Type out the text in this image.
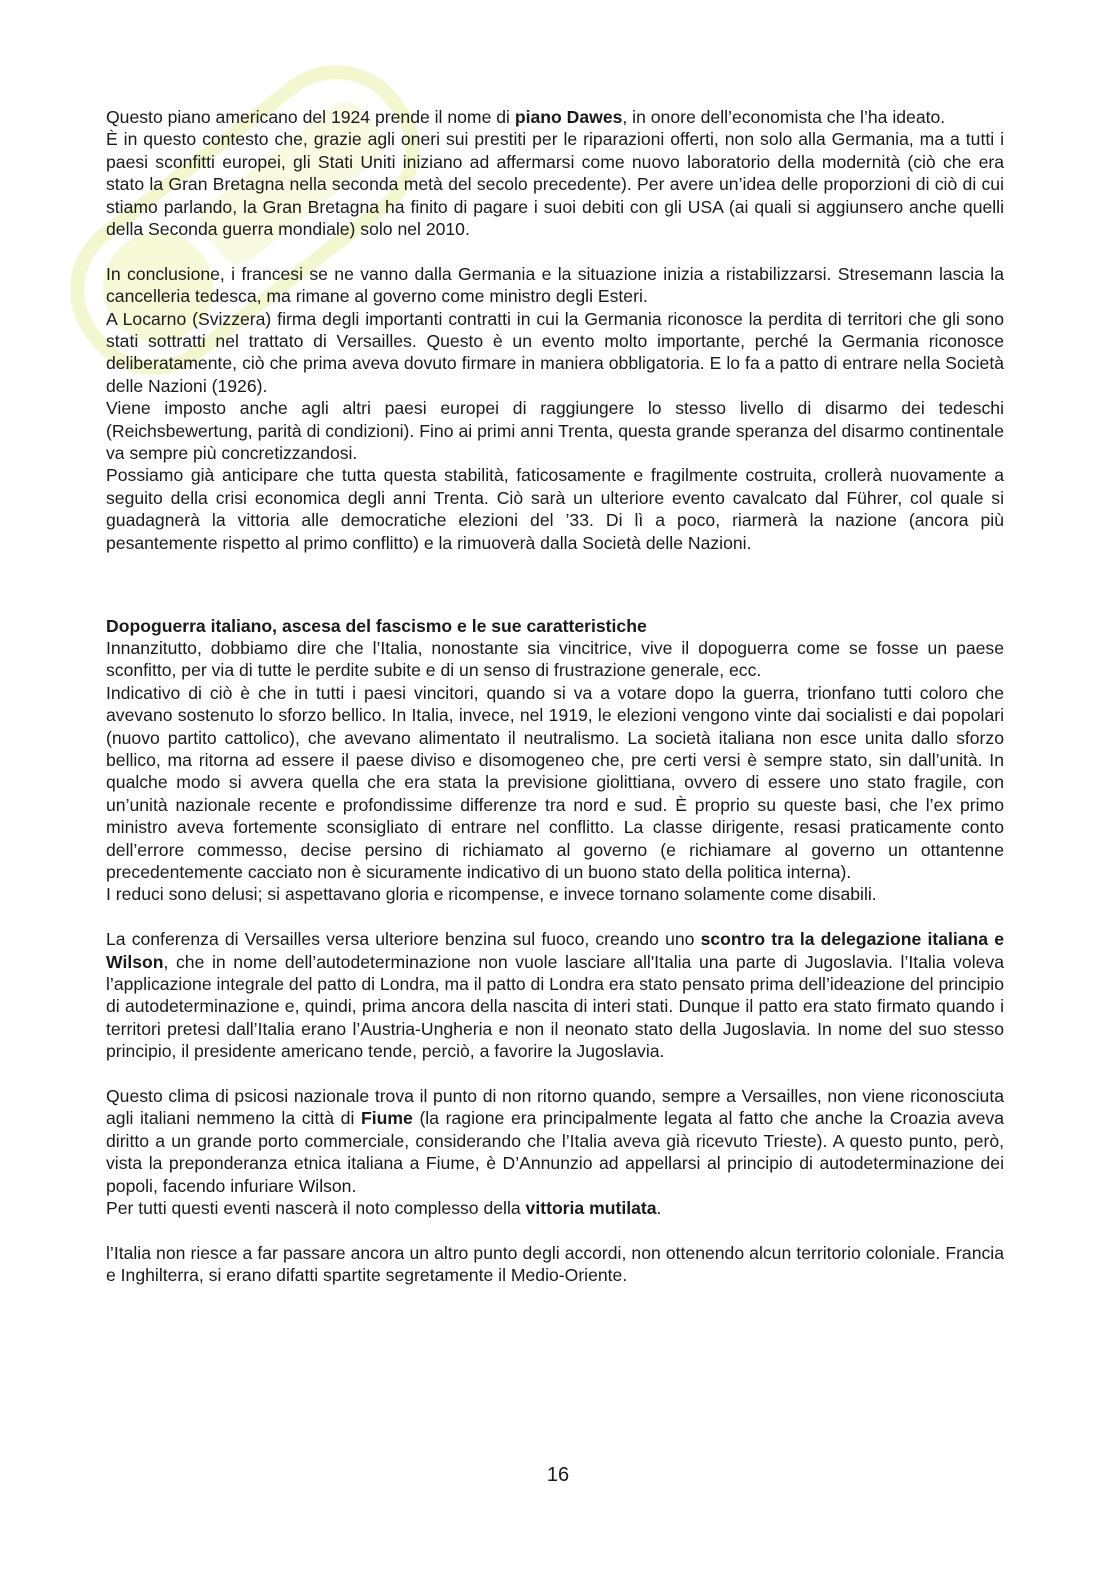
Questo piano americano del 1924 prende il nome di piano Dawes, in onore dell’economista che l’ha ideato.

È in questo contesto che, grazie agli oneri sui prestiti per le riparazioni offerti, non solo alla Germania, ma a tutti i paesi sconfitti europei, gli Stati Uniti iniziano ad affermarsi come nuovo laboratorio della modernità (ciò che era stato la Gran Bretagna nella seconda metà del secolo precedente). Per avere un’idea delle proporzioni di ciò di cui stiamo parlando, la Gran Bretagna ha finito di pagare i suoi debiti con gli USA (ai quali si aggiunsero anche quelli della Seconda guerra mondiale) solo nel 2010.

In conclusione, i francesi se ne vanno dalla Germania e la situazione inizia a ristabilizzarsi. Stresemann lascia la cancelleria tedesca, ma rimane al governo come ministro degli Esteri.

A Locarno (Svizzera) firma degli importanti contratti in cui la Germania riconosce la perdita di territori che gli sono stati sottratti nel trattato di Versailles. Questo è un evento molto importante, perché la Germania riconosce deliberatamente, ciò che prima aveva dovuto firmare in maniera obbligatoria. E lo fa a patto di entrare nella Società delle Nazioni (1926).

Viene imposto anche agli altri paesi europei di raggiungere lo stesso livello di disarmo dei tedeschi (Reichsbewertung, parità di condizioni). Fino ai primi anni Trenta, questa grande speranza del disarmo continentale va sempre più concretizzandosi.

Possiamo già anticipare che tutta questa stabilità, faticosamente e fragilmente costruita, crollerà nuovamente a seguito della crisi economica degli anni Trenta. Ciò sarà un ulteriore evento cavalcato dal Führer, col quale si guadagnerà la vittoria alle democratiche elezioni del ’33. Di lì a poco, riarmerà la nazione (ancora più pesantemente rispetto al primo conflitto) e la rimuoverà dalla Società delle Nazioni.

Dopoguerra italiano, ascesa del fascismo e le sue caratteristiche

Innanzitutto, dobbiamo dire che l’Italia, nonostante sia vincitrice, vive il dopoguerra come se fosse un paese sconfitto, per via di tutte le perdite subite e di un senso di frustrazione generale, ecc.

Indicativo di ciò è che in tutti i paesi vincitori, quando si va a votare dopo la guerra, trionfano tutti coloro che avevano sostenuto lo sforzo bellico. In Italia, invece, nel 1919, le elezioni vengono vinte dai socialisti e dai popolari (nuovo partito cattolico), che avevano alimentato il neutralismo. La società italiana non esce unita dallo sforzo bellico, ma ritorna ad essere il paese diviso e disomogeneo che, pre certi versi è sempre stato, sin dall’unità. In qualche modo si avvera quella che era stata la previsione giolittiana, ovvero di essere uno stato fragile, con un’unità nazionale recente e profondissime differenze tra nord e sud. È proprio su queste basi, che l’ex primo ministro aveva fortemente sconsigliato di entrare nel conflitto. La classe dirigente, resasi praticamente conto dell’errore commesso, decise persino di richiamato al governo (e richiamare al governo un ottantenne precedentemente cacciato non è sicuramente indicativo di un buono stato della politica interna).

I reduci sono delusi; si aspettavano gloria e ricompense, e invece tornano solamente come disabili.

La conferenza di Versailles versa ulteriore benzina sul fuoco, creando uno scontro tra la delegazione italiana e Wilson, che in nome dell’autodeterminazione non vuole lasciare all'Italia una parte di Jugoslavia. l’Italia voleva l’applicazione integrale del patto di Londra, ma il patto di Londra era stato pensato prima dell’ideazione del principio di autodeterminazione e, quindi, prima ancora della nascita di interi stati. Dunque il patto era stato firmato quando i territori pretesi dall’Italia erano l’Austria-Ungheria e non il neonato stato della Jugoslavia. In nome del suo stesso principio, il presidente americano tende, perciò, a favorire la Jugoslavia.

Questo clima di psicosi nazionale trova il punto di non ritorno quando, sempre a Versailles, non viene riconosciuta agli italiani nemmeno la città di Fiume (la ragione era principalmente legata al fatto che anche la Croazia aveva diritto a un grande porto commerciale, considerando che l’Italia aveva già ricevuto Trieste). A questo punto, però, vista la preponderanza etnica italiana a Fiume, è D’Annunzio ad appellarsi al principio di autodeterminazione dei popoli, facendo infuriare Wilson.

Per tutti questi eventi nascerà il noto complesso della vittoria mutilata.

l’Italia non riesce a far passare ancora un altro punto degli accordi, non ottenendo alcun territorio coloniale. Francia e Inghilterra, si erano difatti spartite segretamente il Medio-Oriente.

16
